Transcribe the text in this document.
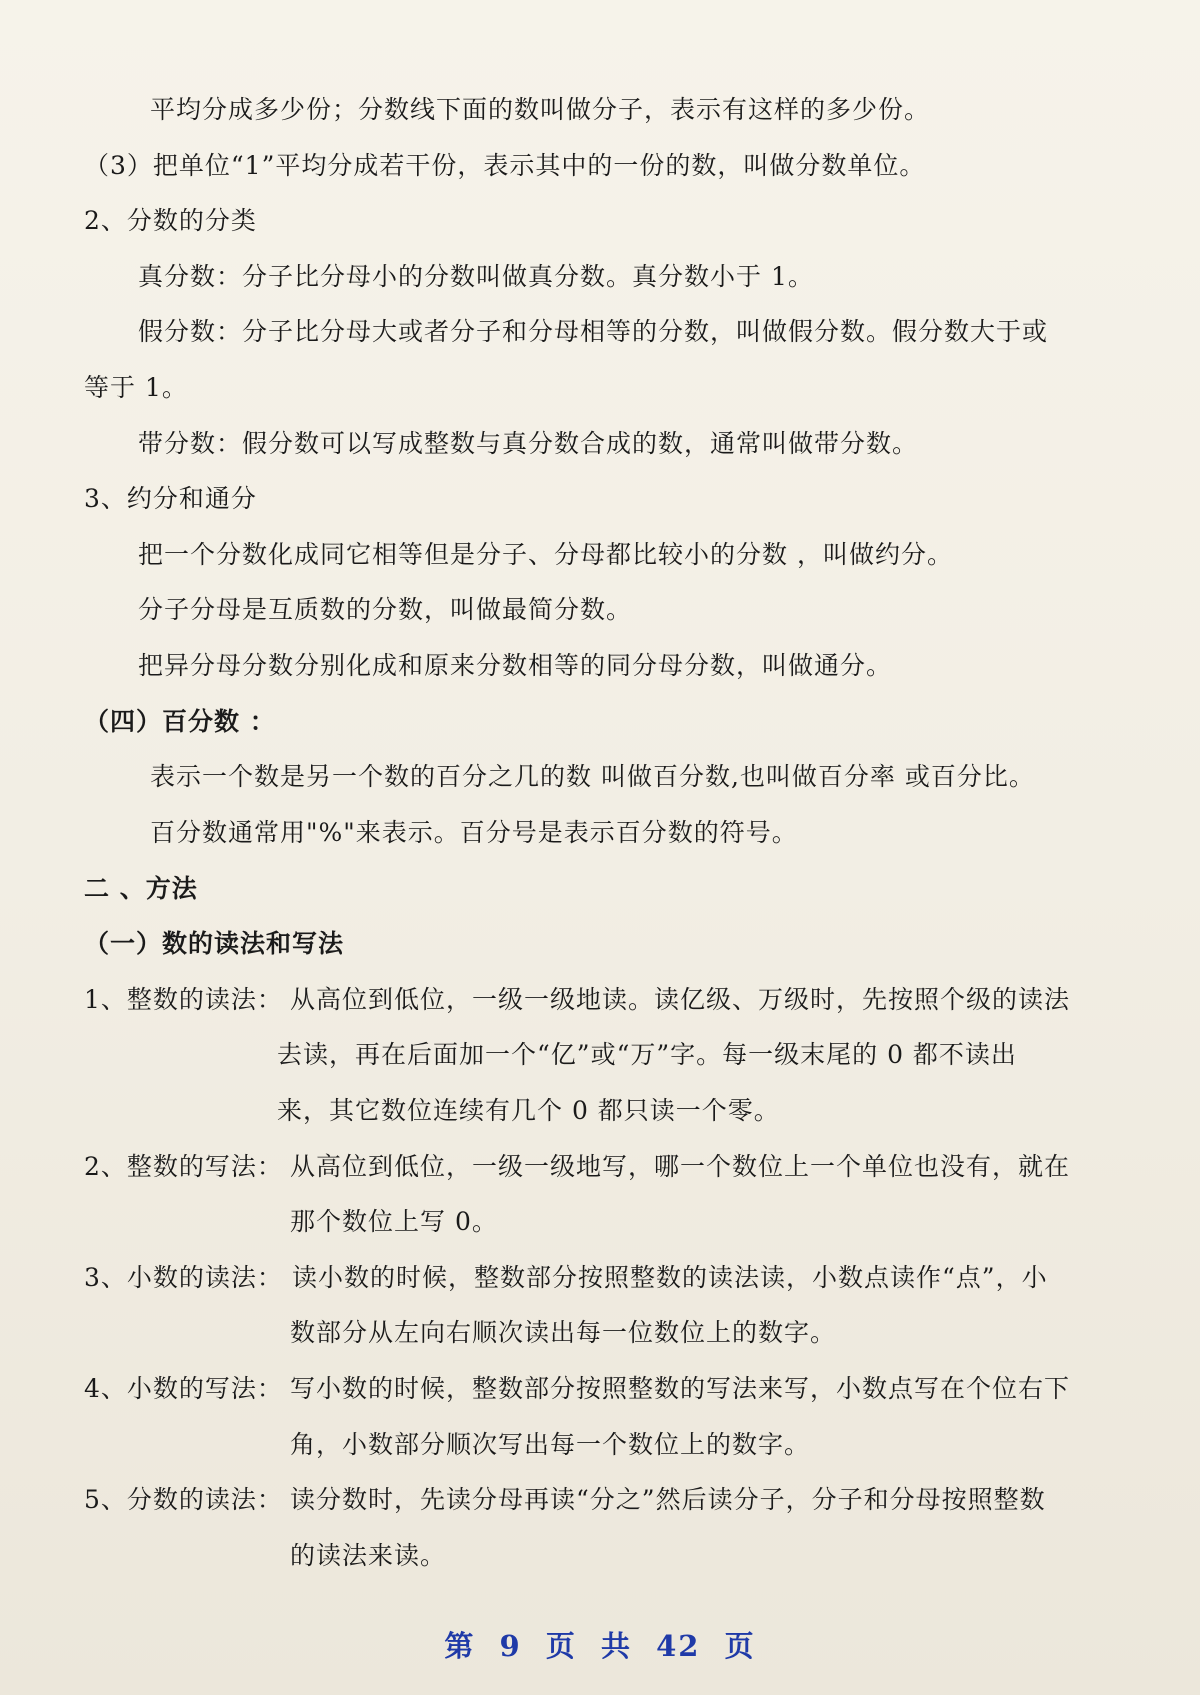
平均分成多少份；分数线下面的数叫做分子，表示有这样的多少份。
（3）把单位“1”平均分成若干份，表示其中的一份的数，叫做分数单位。
2、分数的分类
真分数：分子比分母小的分数叫做真分数。真分数小于 1。
假分数：分子比分母大或者分子和分母相等的分数，叫做假分数。假分数大于或
等于 1。
带分数：假分数可以写成整数与真分数合成的数，通常叫做带分数。
3、约分和通分
把一个分数化成同它相等但是分子、分母都比较小的分数 ，叫做约分。
分子分母是互质数的分数，叫做最简分数。
把异分母分数分别化成和原来分数相等的同分母分数，叫做通分。
（四）百分数 ：
表示一个数是另一个数的百分之几的数 叫做百分数,也叫做百分率 或百分比。
百分数通常用"%"来表示。百分号是表示百分数的符号。
二 、方法
（一）数的读法和写法
1、整数的读法： 从高位到低位，一级一级地读。读亿级、万级时，先按照个级的读法
去读，再在后面加一个“亿”或“万”字。每一级末尾的 0 都不读出
来，其它数位连续有几个 0 都只读一个零。
2、整数的写法： 从高位到低位，一级一级地写，哪一个数位上一个单位也没有，就在
那个数位上写 0。
3、小数的读法： 读小数的时候，整数部分按照整数的读法读，小数点读作“点”，小
数部分从左向右顺次读出每一位数位上的数字。
4、小数的写法： 写小数的时候，整数部分按照整数的写法来写，小数点写在个位右下
角，小数部分顺次写出每一个数位上的数字。
5、分数的读法： 读分数时，先读分母再读“分之”然后读分子，分子和分母按照整数
的读法来读。
第 9 页 共 42 页
